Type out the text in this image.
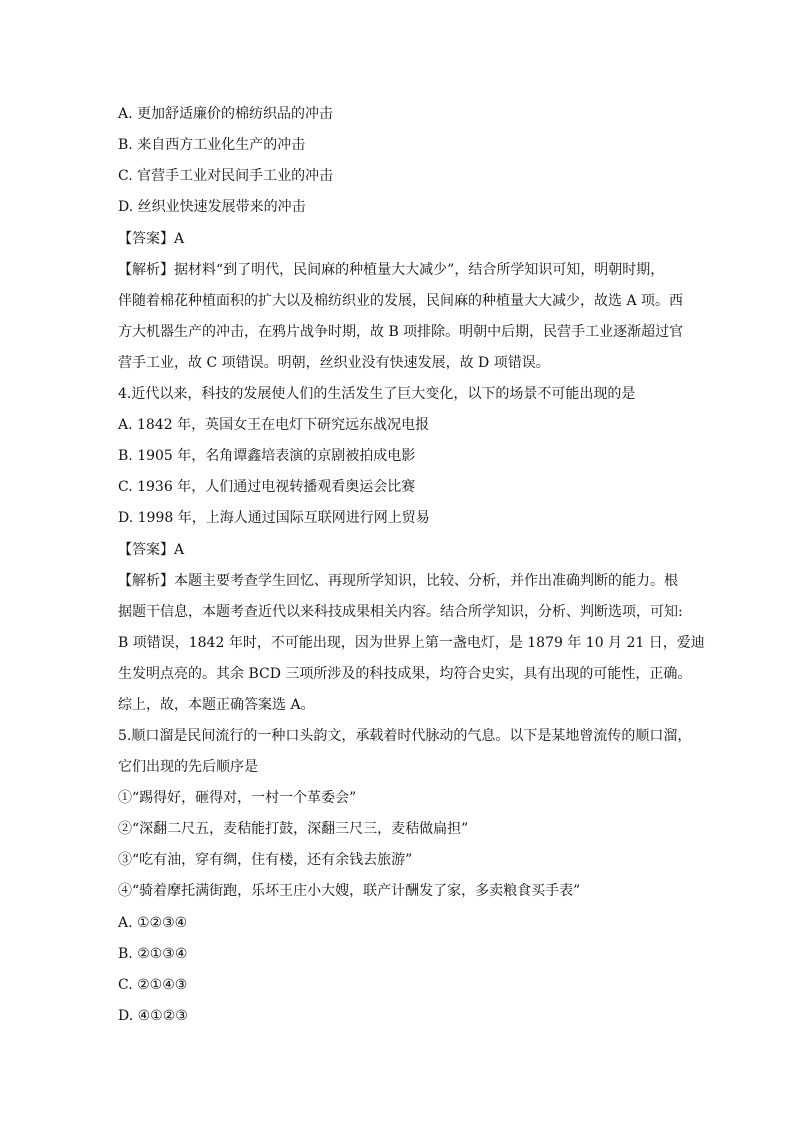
A. 更加舒适廉价的棉纺织品的冲击
B. 来自西方工业化生产的冲击
C. 官营手工业对民间手工业的冲击
D. 丝织业快速发展带来的冲击
【答案】A
【解析】据材料“到了明代，民间麻的种植量大大减少”，结合所学知识可知，明朝时期，
伴随着棉花种植面积的扩大以及棉纺织业的发展，民间麻的种植量大大减少，故选 A 项。西
方大机器生产的冲击，在鸦片战争时期，故 B 项排除。明朝中后期，民营手工业逐渐超过官
营手工业，故 C 项错误。明朝，丝织业没有快速发展，故 D 项错误。
4.近代以来，科技的发展使人们的生活发生了巨大变化，以下的场景不可能出现的是
A. 1842 年，英国女王在电灯下研究远东战况电报
B. 1905 年，名角谭鑫培表演的京剧被拍成电影
C. 1936 年，人们通过电视转播观看奥运会比赛
D. 1998 年，上海人通过国际互联网进行网上贸易
【答案】A
【解析】本题主要考查学生回忆、再现所学知识，比较、分析，并作出准确判断的能力。根
据题干信息，本题考查近代以来科技成果相关内容。结合所学知识，分析、判断选项，可知:
B 项错误，1842 年时，不可能出现，因为世界上第一盏电灯，是 1879 年 10 月 21 日，爱迪
生发明点亮的。其余 BCD 三项所涉及的科技成果，均符合史实，具有出现的可能性，正确。
综上，故，本题正确答案选 A。
5.顺口溜是民间流行的一种口头韵文，承载着时代脉动的气息。以下是某地曾流传的顺口溜，
它们出现的先后顺序是
①“踢得好，砸得对，一村一个革委会”
②“深翻二尺五，麦秸能打鼓，深翻三尺三，麦秸做扁担”
③“吃有油，穿有绸，住有楼，还有余钱去旅游”
④“骑着摩托满街跑，乐坏王庄小大嫂，联产计酬发了家，多卖粮食买手表”
A. ①②③④
B. ②①③④
C. ②①④③
D. ④①②③
